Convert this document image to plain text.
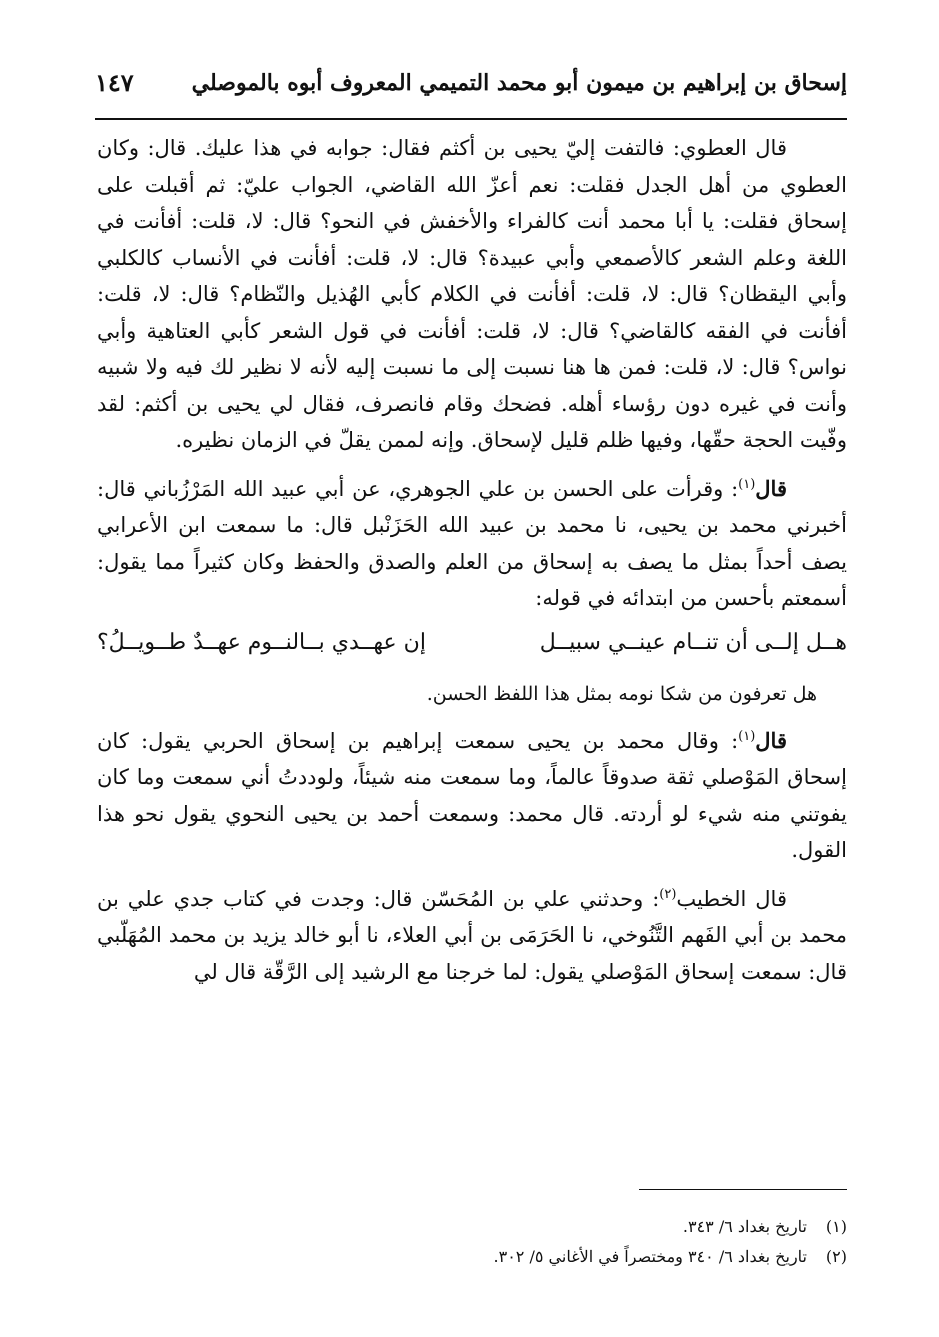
إسحاق بن إبراهيم بن ميمون أبو محمد التميمي المعروف أبوه بالموصلي
١٤٧

قال العطوي: فالتفت إليّ يحيى بن أكثم فقال: جوابه في هذا عليك. قال: وكان العطوي من أهل الجدل فقلت: نعم أعزّ الله القاضي، الجواب عليّ: ثم أقبلت على إسحاق فقلت: يا أبا محمد أنت كالفراء والأخفش في النحو؟ قال: لا، قلت: أفأنت في اللغة وعلم الشعر كالأصمعي وأبي عبيدة؟ قال: لا، قلت: أفأنت في الأنساب كالكلبي وأبي اليقظان؟ قال: لا، قلت: أفأنت في الكلام كأبي الهُذيل والنّظام؟ قال: لا، قلت: أفأنت في الفقه كالقاضي؟ قال: لا، قلت: أفأنت في قول الشعر كأبي العتاهية وأبي نواس؟ قال: لا، قلت: فمن ها هنا نسبت إلى ما نسبت إليه لأنه لا نظير لك فيه ولا شبيه وأنت في غيره دون رؤساء أهله. فضحك وقام فانصرف، فقال لي يحيى بن أكثم: لقد وفّيت الحجة حقّها، وفيها ظلم قليل لإسحاق. وإنه لممن يقلّ في الزمان نظيره.

قال$^{(١)}$: وقرأت على الحسن بن علي الجوهري، عن أبي عبيد الله المَرْزُباني قال: أخبرني محمد بن يحيى، نا محمد بن عبيد الله الحَزَنْبل قال: ما سمعت ابن الأعرابي يصف أحداً بمثل ما يصف به إسحاق من العلم والصدق والحفظ وكان كثيراً مما يقول: أسمعتم بأحسن من ابتدائه في قوله:

هــل إلــى أن تنــام عينــي سبيــل
إن عهــدي بــالنــوم عهــدٌ طــويــلُ؟

هل تعرفون من شكا نومه بمثل هذا اللفظ الحسن.

قال$^{(١)}$: وقال محمد بن يحيى سمعت إبراهيم بن إسحاق الحربي يقول: كان إسحاق المَوْصلي ثقة صدوقاً عالماً، وما سمعت منه شيئاً، ولوددتُ أني سمعت وما كان يفوتني منه شيء لو أردته. قال محمد: وسمعت أحمد بن يحيى النحوي يقول نحو هذا القول.

قال الخطيب$^{(٢)}$: وحدثني علي بن المُحَسّن قال: وجدت في كتاب جدي علي بن محمد بن أبي الفَهم التَّنُوخي، نا الحَرَمَى بن أبي العلاء، نا أبو خالد يزيد بن محمد المُهَلّبي قال: سمعت إسحاق المَوْصلي يقول: لما خرجنا مع الرشيد إلى الرَّقّة قال لي

(١)
تاريخ بغداد ٦/ ٣٤٣.
(٢)
تاريخ بغداد ٦/ ٣٤٠ ومختصراً في الأغاني ٥/ ٣٠٢.
